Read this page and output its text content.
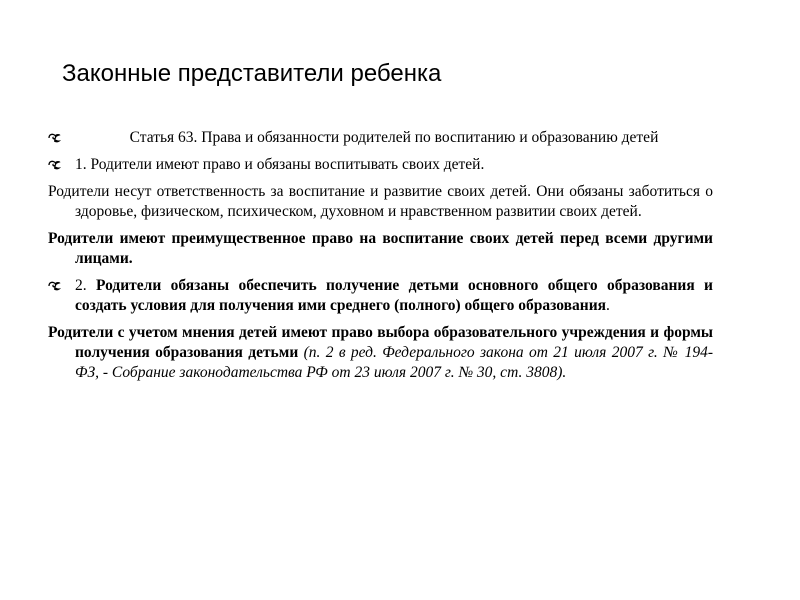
Законные представители ребенка
Статья 63. Права и обязанности родителей по воспитанию и образованию детей
1. Родители имеют право и обязаны воспитывать своих детей.
Родители несут ответственность за воспитание и развитие своих детей. Они обязаны заботиться о здоровье, физическом, психическом, духовном и нравственном развитии своих детей.
Родители имеют преимущественное право на воспитание своих детей перед всеми другими лицами.
2. Родители обязаны обеспечить получение детьми основного общего образования и создать условия для получения ими среднего (полного) общего образования.
Родители с учетом мнения детей имеют право выбора образовательного учреждения и формы получения образования детьми (п. 2 в ред. Федерального закона от 21 июля 2007 г. № 194-ФЗ, - Собрание законодательства РФ от 23 июля 2007 г. № 30, ст. 3808).
